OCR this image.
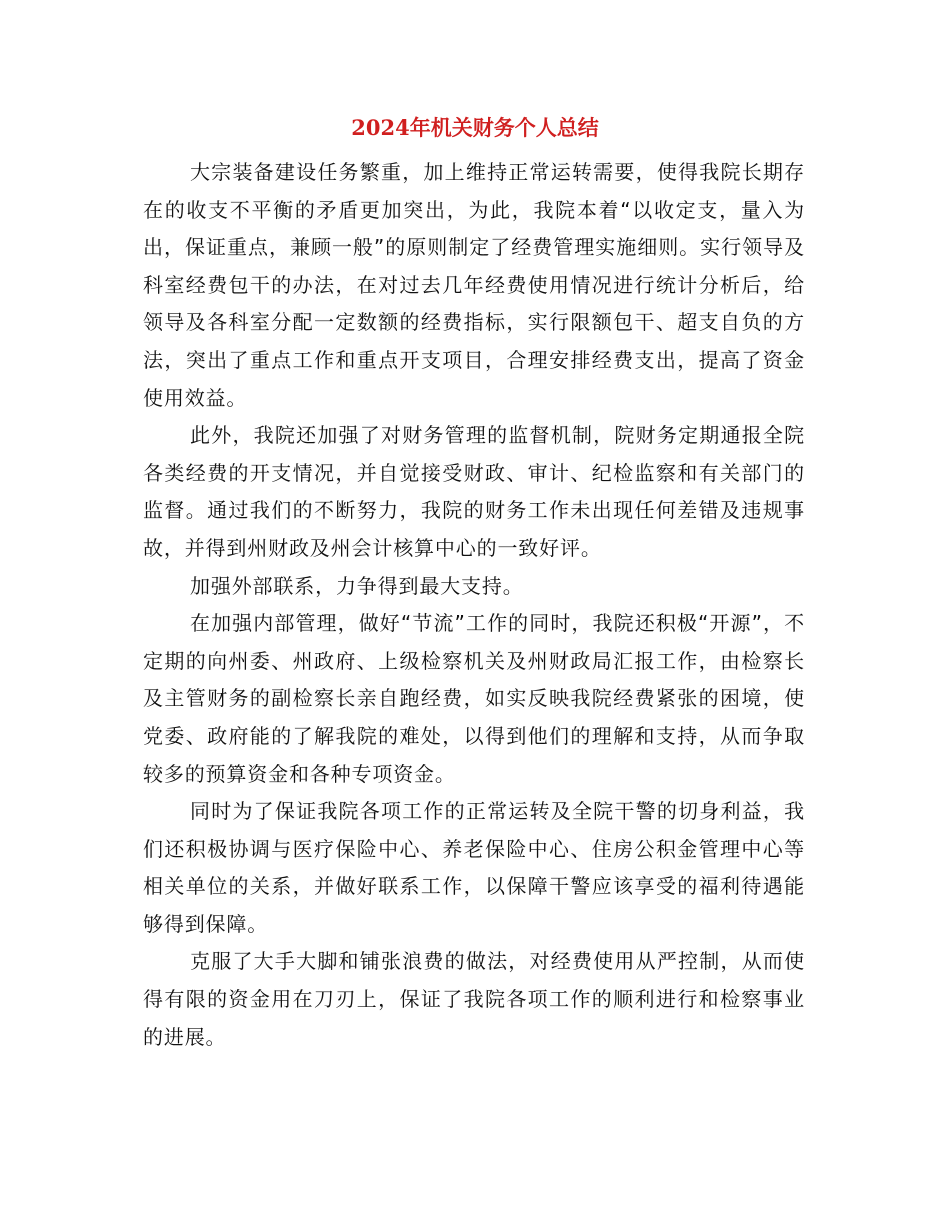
2024年机关财务个人总结

大宗装备建设任务繁重，加上维持正常运转需要，使得我院长期存在的收支不平衡的矛盾更加突出，为此，我院本着“以收定支，量入为出，保证重点，兼顾一般”的原则制定了经费管理实施细则。实行领导及科室经费包干的办法，在对过去几年经费使用情况进行统计分析后，给领导及各科室分配一定数额的经费指标，实行限额包干、超支自负的方法，突出了重点工作和重点开支项目，合理安排经费支出，提高了资金使用效益。

此外，我院还加强了对财务管理的监督机制，院财务定期通报全院各类经费的开支情况，并自觉接受财政、审计、纪检监察和有关部门的监督。通过我们的不断努力，我院的财务工作未出现任何差错及违规事故，并得到州财政及州会计核算中心的一致好评。

加强外部联系，力争得到最大支持。

在加强内部管理，做好“节流”工作的同时，我院还积极“开源”，不定期的向州委、州政府、上级检察机关及州财政局汇报工作，由检察长及主管财务的副检察长亲自跑经费，如实反映我院经费紧张的困境，使党委、政府能的了解我院的难处，以得到他们的理解和支持，从而争取较多的预算资金和各种专项资金。

同时为了保证我院各项工作的正常运转及全院干警的切身利益，我们还积极协调与医疗保险中心、养老保险中心、住房公积金管理中心等相关单位的关系，并做好联系工作，以保障干警应该享受的福利待遇能够得到保障。

克服了大手大脚和铺张浪费的做法，对经费使用从严控制，从而使得有限的资金用在刀刃上，保证了我院各项工作的顺利进行和检察事业的进展。
